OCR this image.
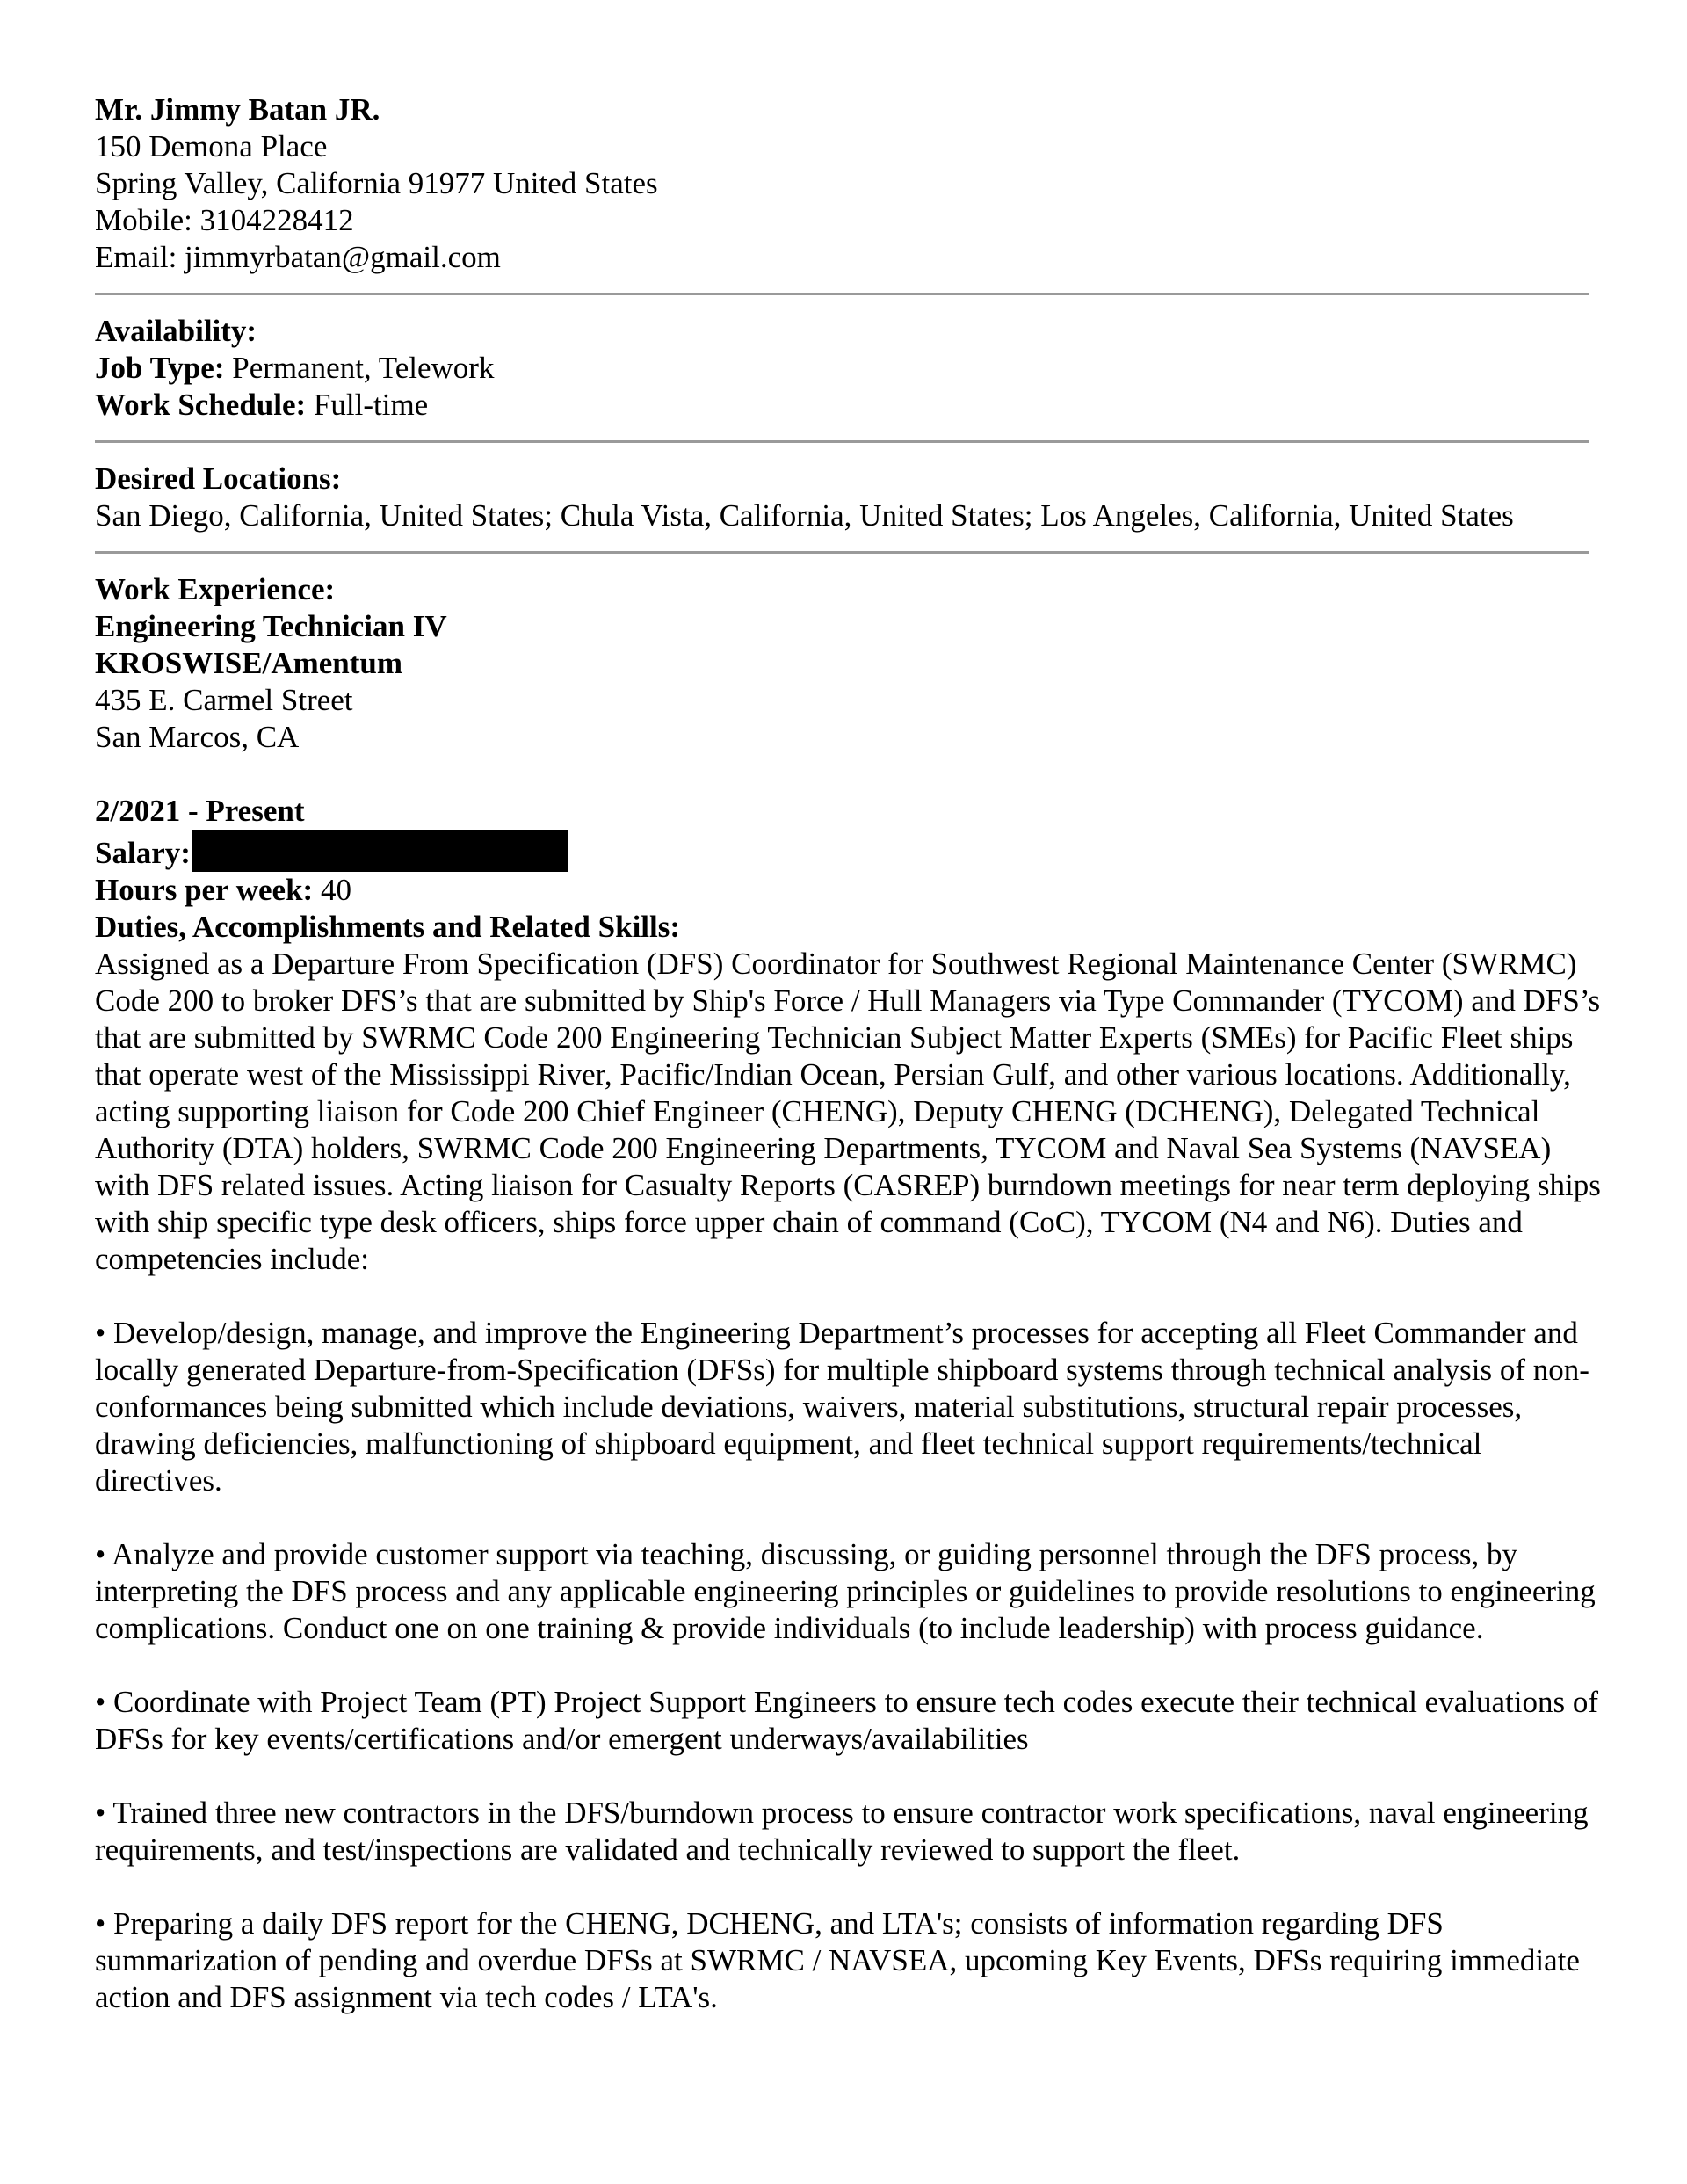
Mr. Jimmy Batan JR.
150 Demona Place
Spring Valley, California 91977 United States
Mobile: 3104228412
Email: jimmyrbatan@gmail.com
Availability:
Job Type: Permanent, Telework
Work Schedule: Full-time
Desired Locations:
San Diego, California, United States; Chula Vista, California, United States; Los Angeles, California, United States
Work Experience:
Engineering Technician IV
KROSWISE/Amentum
435 E. Carmel Street
San Marcos, CA
2/2021 - Present
Salary:
Hours per week: 40
Duties, Accomplishments and Related Skills:
Assigned as a Departure From Specification (DFS) Coordinator for Southwest Regional Maintenance Center (SWRMC) Code 200 to broker DFS’s that are submitted by Ship's Force / Hull Managers via Type Commander (TYCOM) and DFS’s that are submitted by SWRMC Code 200 Engineering Technician Subject Matter Experts (SMEs) for Pacific Fleet ships that operate west of the Mississippi River, Pacific/Indian Ocean, Persian Gulf, and other various locations. Additionally, acting supporting liaison for Code 200 Chief Engineer (CHENG), Deputy CHENG (DCHENG), Delegated Technical Authority (DTA) holders, SWRMC Code 200 Engineering Departments, TYCOM and Naval Sea Systems (NAVSEA) with DFS related issues. Acting liaison for Casualty Reports (CASREP) burndown meetings for near term deploying ships with ship specific type desk officers, ships force upper chain of command (CoC), TYCOM (N4 and N6). Duties and competencies include:
• Develop/design, manage, and improve the Engineering Department’s processes for accepting all Fleet Commander and locally generated Departure-from-Specification (DFSs) for multiple shipboard systems through technical analysis of non-conformances being submitted which include deviations, waivers, material substitutions, structural repair processes, drawing deficiencies, malfunctioning of shipboard equipment, and fleet technical support requirements/technical directives.
• Analyze and provide customer support via teaching, discussing, or guiding personnel through the DFS process, by interpreting the DFS process and any applicable engineering principles or guidelines to provide resolutions to engineering complications. Conduct one on one training & provide individuals (to include leadership) with process guidance.
• Coordinate with Project Team (PT) Project Support Engineers to ensure tech codes execute their technical evaluations of DFSs for key events/certifications and/or emergent underways/availabilities
• Trained three new contractors in the DFS/burndown process to ensure contractor work specifications, naval engineering requirements, and test/inspections are validated and technically reviewed to support the fleet.
• Preparing a daily DFS report for the CHENG, DCHENG, and LTA's; consists of information regarding DFS summarization of pending and overdue DFSs at SWRMC / NAVSEA, upcoming Key Events, DFSs requiring immediate action and DFS assignment via tech codes / LTA's.
